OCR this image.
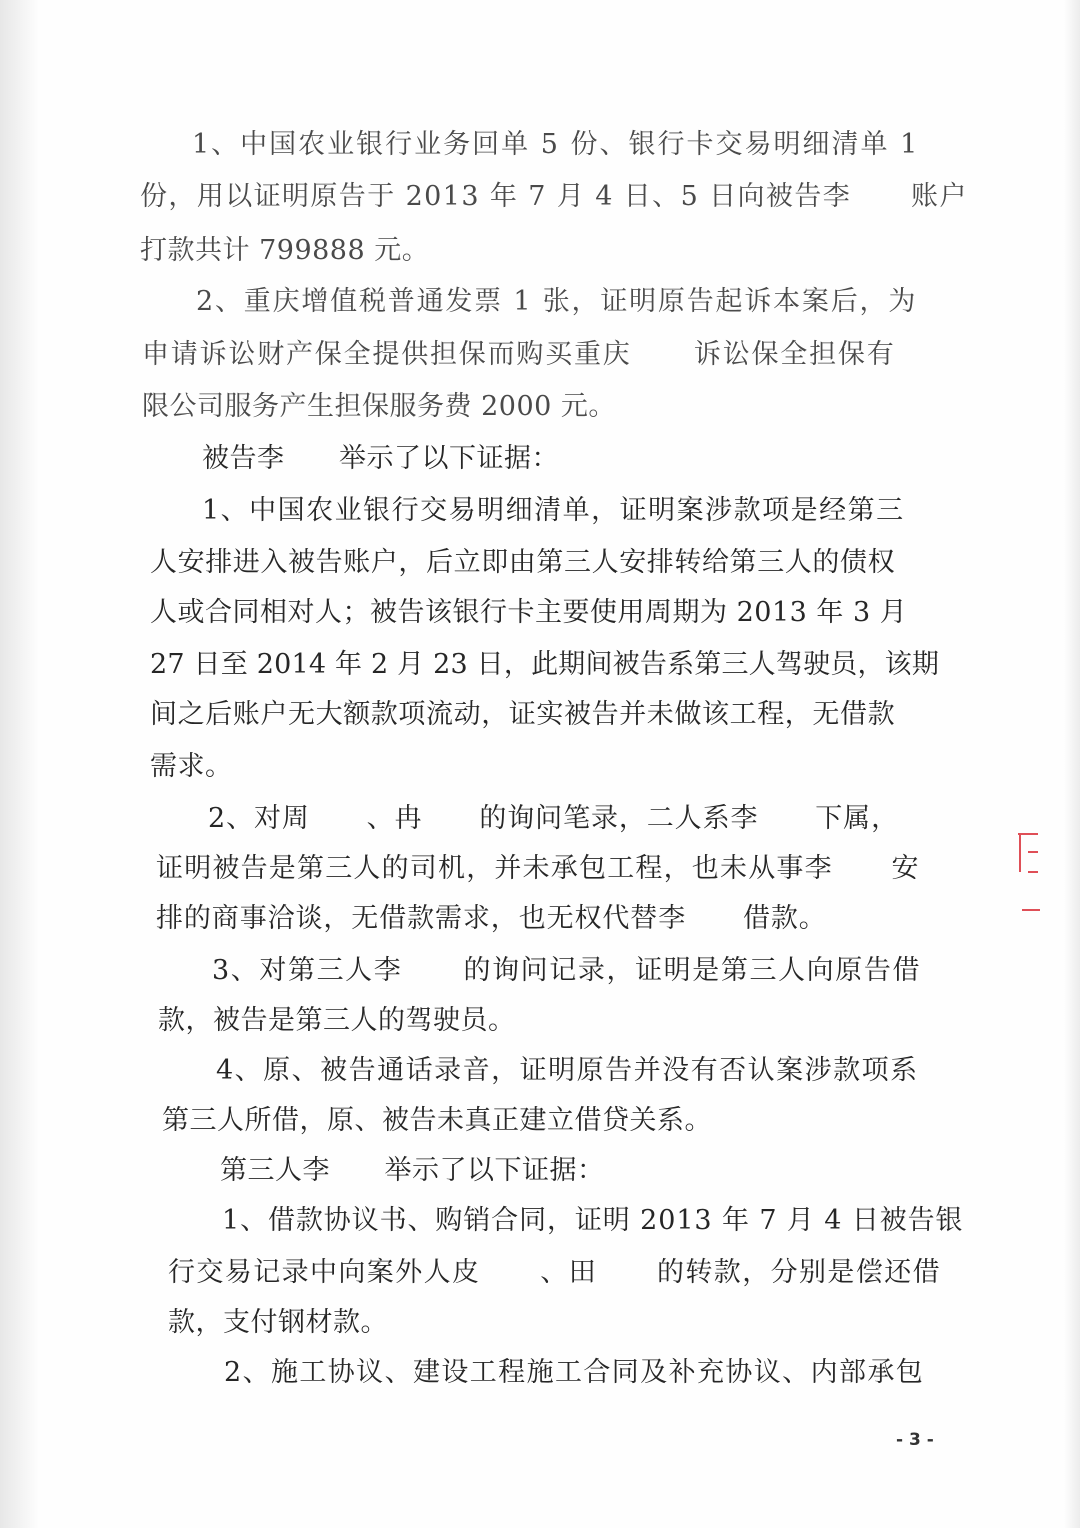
1、中国农业银行业务回单 5 份、银行卡交易明细清单 1
份，用以证明原告于 2013 年 7 月 4 日、5 日向被告李      账户
打款共计 799888 元。
2、重庆增值税普通发票 1 张，证明原告起诉本案后，为
申请诉讼财产保全提供担保而购买重庆      诉讼保全担保有
限公司服务产生担保服务费 2000 元。
被告李      举示了以下证据：
1、中国农业银行交易明细清单，证明案涉款项是经第三
人安排进入被告账户，后立即由第三人安排转给第三人的债权
人或合同相对人；被告该银行卡主要使用周期为 2013 年 3 月
27 日至 2014 年 2 月 23 日，此期间被告系第三人驾驶员，该期
间之后账户无大额款项流动，证实被告并未做该工程，无借款
需求。
2、对周      、冉      的询问笔录，二人系李      下属，
证明被告是第三人的司机，并未承包工程，也未从事李      安
排的商事洽谈，无借款需求，也无权代替李      借款。
3、对第三人李      的询问记录，证明是第三人向原告借
款，被告是第三人的驾驶员。
4、原、被告通话录音，证明原告并没有否认案涉款项系
第三人所借，原、被告未真正建立借贷关系。
第三人李      举示了以下证据：
1、借款协议书、购销合同，证明 2013 年 7 月 4 日被告银
行交易记录中向案外人皮      、田      的转款，分别是偿还借
款，支付钢材款。
2、施工协议、建设工程施工合同及补充协议、内部承包
- 3 -
